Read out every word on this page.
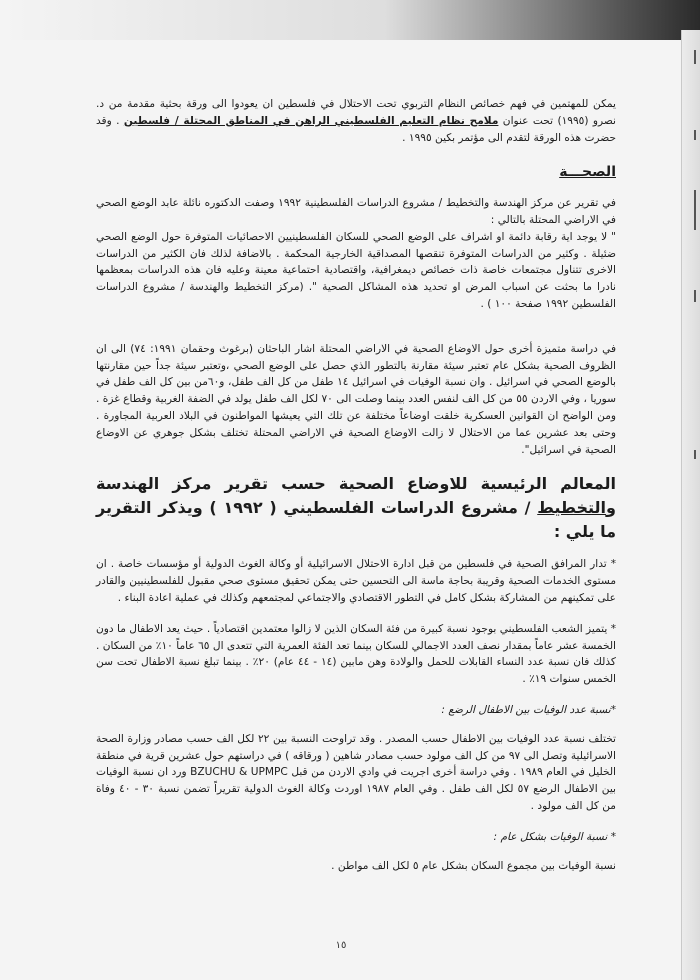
يمكن للمهتمين في فهم خصائص النظام التربوي تحت الاحتلال في فلسطين ان يعودوا الى ورقة بحثية مقدمة من د. نصرو (١٩٩٥) تحت عنوان ملامح نظام التعليم الفلسطيني الراهن في المناطق المحتلة / فلسطين . وقد حضرت هذه الورقة لتقدم الى مؤتمر بكين ١٩٩٥ .

الصحـــة

في تقرير عن مركز الهندسة والتخطيط / مشروع الدراسات الفلسطينية ١٩٩٢ وصفت الدكتوره نائلة عابد الوضع الصحي في الاراضي المحتلة بالتالي :

" لا يوجد اية رقابة دائمة او اشراف على الوضع الصحي للسكان الفلسطينيين الاحصائيات المتوفرة حول الوضع الصحي ضئيلة . وكثير من الدراسات المتوفرة تنقصها المصداقية الخارجية المحكمة . بالاضافة لذلك فان الكثير من الدراسات الاخرى تتناول مجتمعات خاصة ذات خصائص ديمغرافية، واقتصادية احتماعية معينة وعليه فان هذه الدراسات بمعظمها نادرا ما بحثت عن اسباب المرض او تحديد هذه المشاكل الصحية ". (مركز التخطيط والهندسة / مشروع الدراسات الفلسطين ١٩٩٢ صفحة ١٠٠ ) .

في دراسة متميزة أخرى حول الاوضاع الصحية في الاراضي المحتلة اشار الباحثان (برغوث وحقمان ١٩٩١: ٧٤) الى ان الظروف الصحية بشكل عام تعتبر سيئة مقارنة بالتطور الذي حصل على الوضع الصحي ،وتعتبر سيئة جداً حين مقارنتها بالوضع الصحي في اسرائيل . وان نسبة الوفيات في اسرائيل ١٤ طفل من كل الف طفل، و٦٠من بين كل الف طفل في سوريا ، وفي الاردن ٥٥ من كل الف لنفس العدد بينما وصلت الى ٧٠ لكل الف طفل يولد في الضفة الغربية وقطاع غزة . ومن الواضح ان القوانين العسكرية خلقت اوضاعاً مختلفة عن تلك التي يعيشها المواطنون في البلاد العربية المجاورة . وحتى بعد عشرين عما من الاحتلال لا زالت الاوضاع الصحية في الاراضي المحتلة تختلف بشكل جوهري عن الاوضاع الصحية في اسرائيل".

المعالم الرئيسية للاوضاع الصحية حسب تقرير مركز الهندسة والتخطيط / مشروع الدراسات الفلسطيني ( ١٩٩٢ ) ويذكر التقرير ما يلي :

* تدار المرافق الصحية في فلسطين من قبل ادارة الاحتلال الاسرائيلية أو وكالة الغوث الدولية أو مؤسسات خاصة . ان مستوى الخدمات الصحية وقريبة بحاجة ماسة الى التحسين حتى يمكن تحقيق مستوى صحي مقبول للفلسطينيين والقادر على تمكينهم من المشاركة بشكل كامل في التطور الاقتصادي والاجتماعي لمجتمعهم وكذلك في عملية اعادة البناء .

* يتميز الشعب الفلسطيني بوجود نسبة كبيرة من فئة السكان الذين لا زالوا معتمدين اقتصادياً . حيث يعد الاطفال ما دون الخمسة عشر عاماً بمقدار نصف العدد الاجمالي للسكان بينما تعد الفئة العمرية التي تتعدى ال ٦٥ عاماً ١٠٪ من السكان . كذلك فان نسبة عدد النساء القابلات للحمل والولادة وهن مابين (١٤ - ٤٤ عام) ٢٠٪ . بينما تبلغ نسبة الاطفال تحت سن الخمس سنوات ١٩٪ .

*نسبة عدد الوفيات بين الاطفال الرضع :

تختلف نسبة عدد الوفيات بين الاطفال حسب المصدر . وقد تراوحت النسبة بين ٢٢ لكل الف حسب مصادر وزارة الصحة الاسرائيلية وتصل الى ٩٧ من كل الف مولود حسب مصادر شاهين ( ورقاقه ) في دراستهم حول عشرين قرية في منطقة الخليل في العام ١٩٨٩ . وفي دراسة أخرى اجريت في وادي الاردن من قبل BZUCHU & UPMPC ورد ان نسبة الوفيات بين الاطفال الرضع ٥٧ لكل الف طفل . وفي العام ١٩٨٧ اوردت وكالة الغوث الدولية تقريراً تضمن نسبة ٣٠ - ٤٠ وفاة من كل الف مولود .

* نسبة الوفيات بشكل عام :

نسبة الوفيات بين مجموع السكان بشكل عام ٥ لكل الف مواطن .

١٥
